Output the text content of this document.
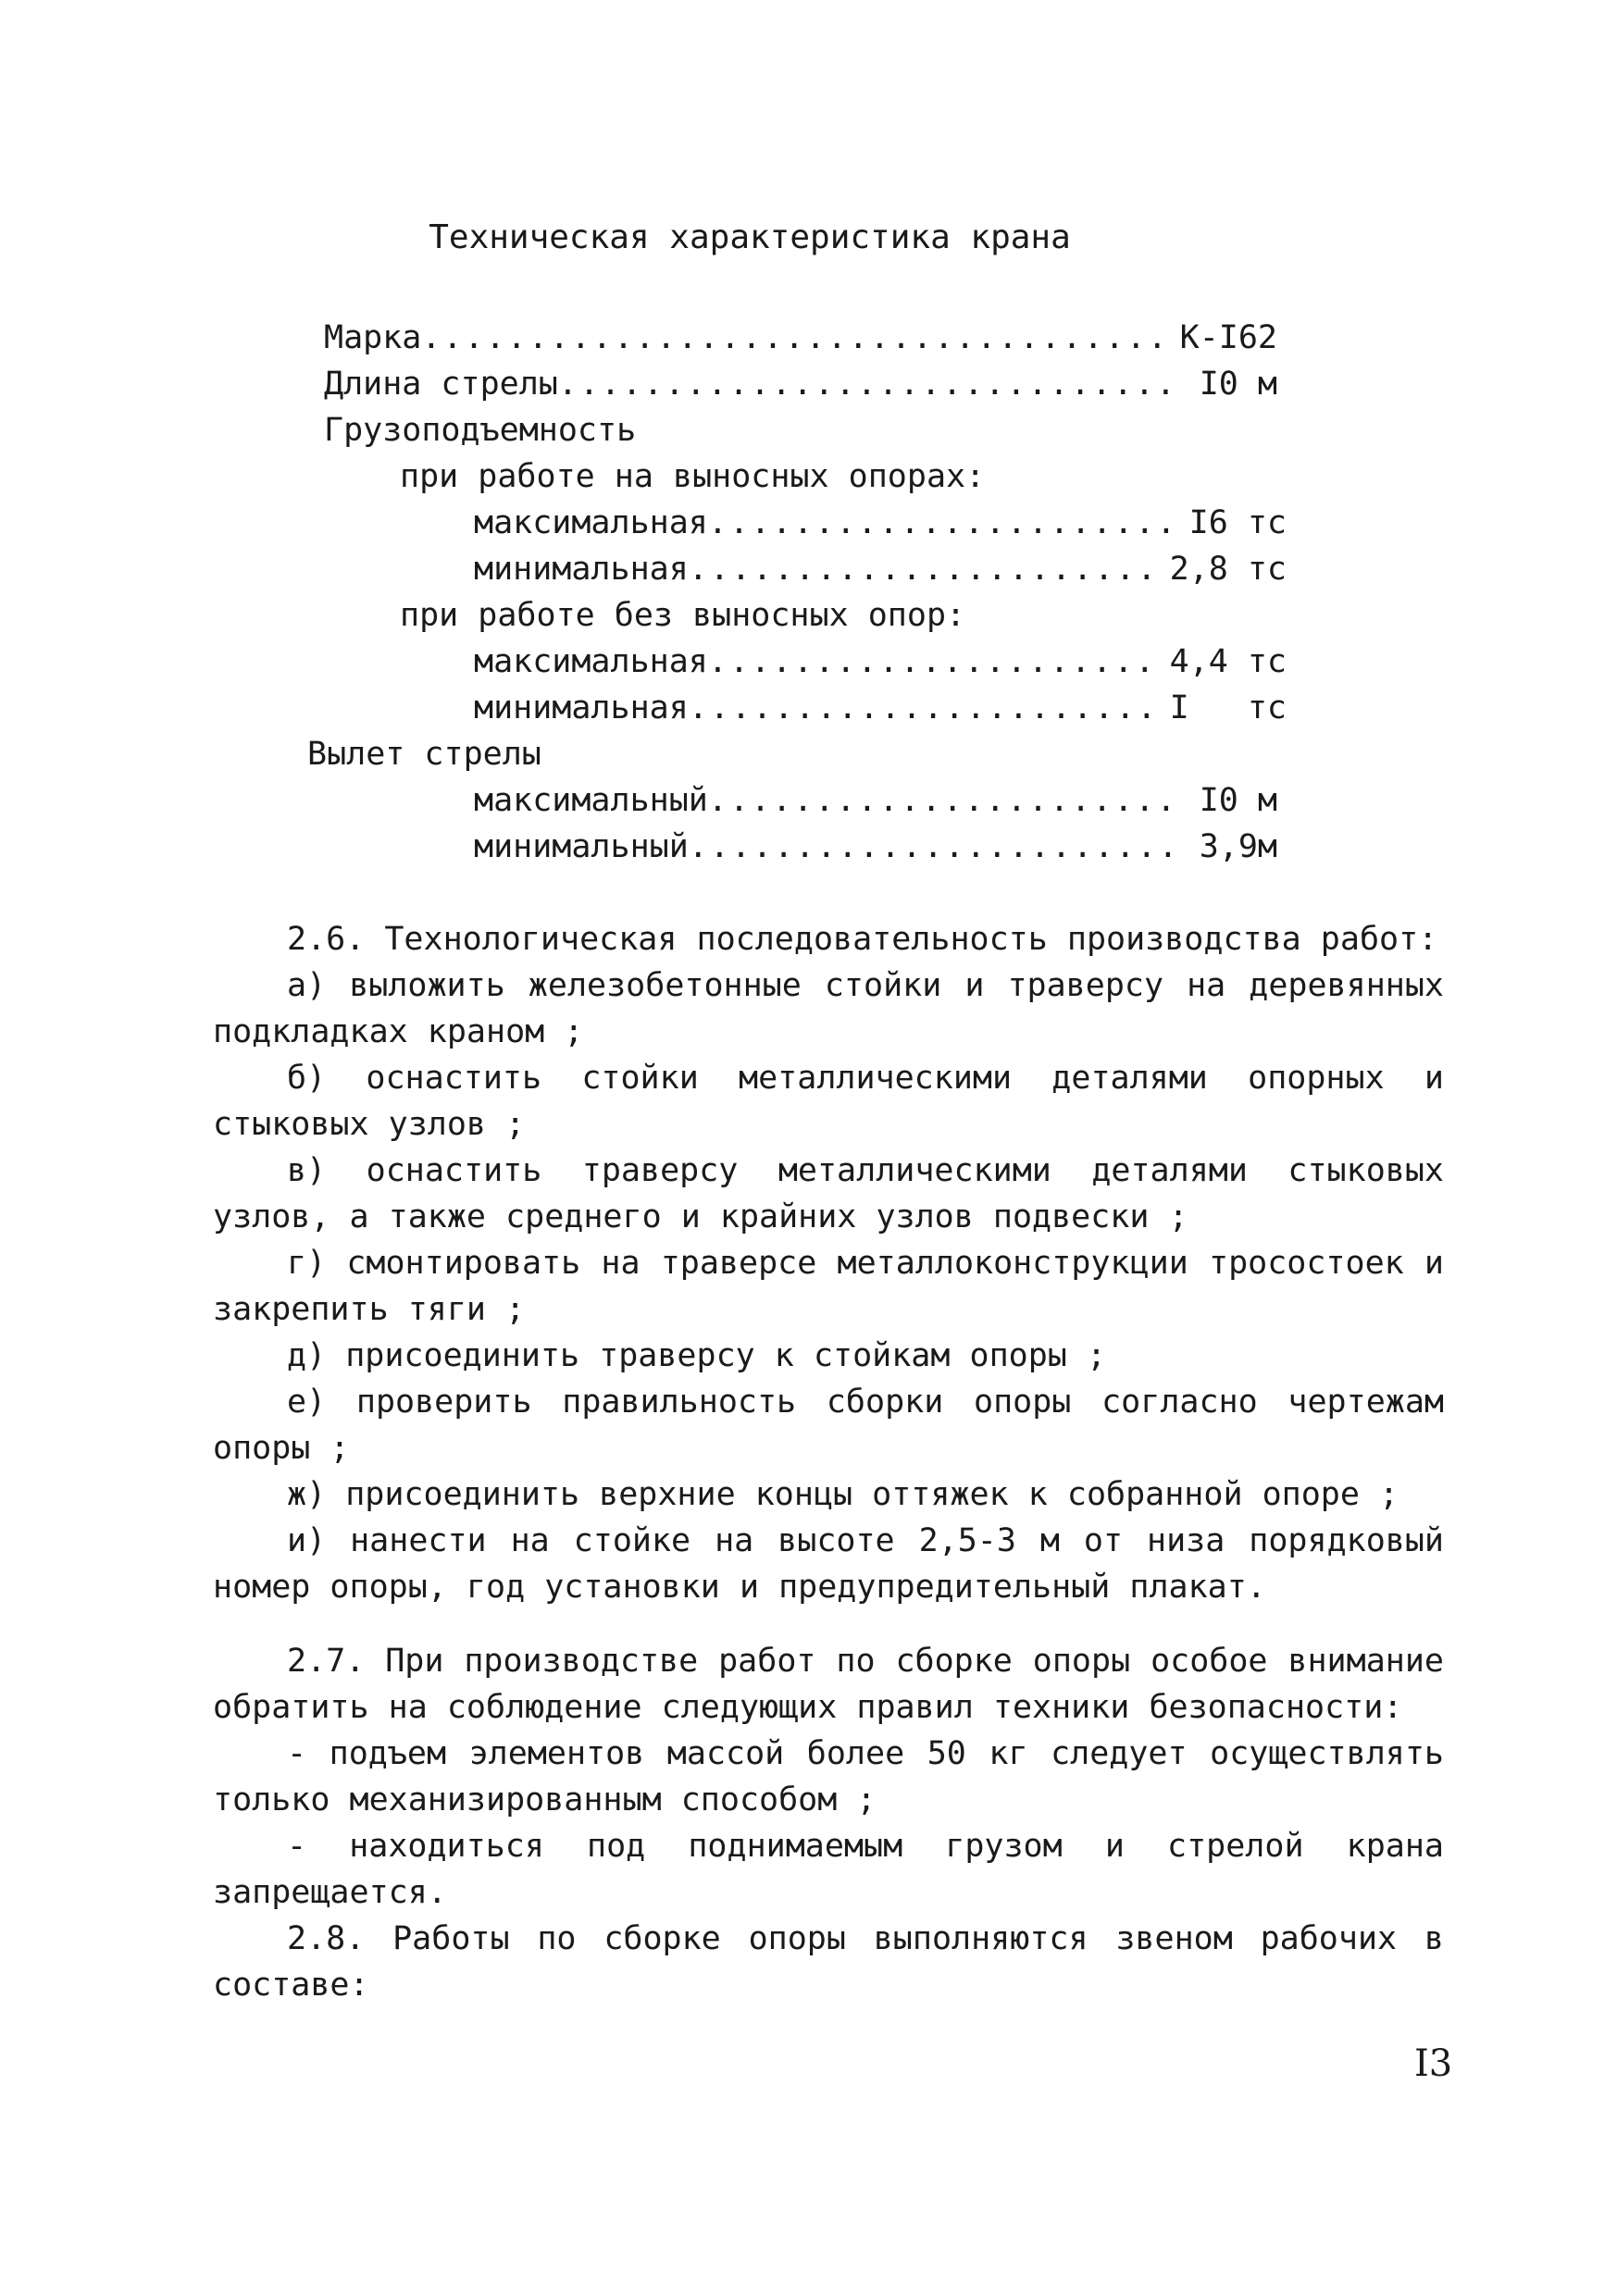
Техническая характеристика крана
Марка .....	К-I62
Длина стрелы .....	I0 м
Грузоподъемность
при работе на выносных опорах:
максимальная .....	I6 тс
минимальная .....	2,8 тс
при работе без выносных опор:
максимальная .....	4,4 тс
минимальная .....	I   тс
Вылет стрелы
максимальный .....	I0 м
минимальный .....	3,9м
2.6. Технологическая последовательность производства работ:
а) выложить железобетонные стойки и траверсу на деревянных подкладках краном ;
б) оснастить стойки металлическими деталями опорных и стыковых узлов ;
в) оснастить траверсу металлическими деталями стыковых узлов, а также среднего и крайних узлов подвески ;
г) смонтировать на траверсе металлоконструкции тросостоек и закрепить тяги ;
д) присоединить траверсу к стойкам опоры ;
е) проверить правильность сборки опоры согласно чертежам опоры ;
ж) присоединить верхние концы оттяжек к собранной опоре ;
и) нанести на стойке на высоте 2,5-3 м от низа порядковый номер опоры, год установки и предупредительный плакат.
2.7. При производстве работ по сборке опоры особое внимание обратить на соблюдение следующих правил техники безопасности:
- подъем элементов массой более 50 кг следует осуществлять только механизированным способом ;
- находиться под поднимаемым грузом и стрелой крана запрещается.
2.8. Работы по сборке опоры выполняются звеном рабочих в составе:
I3
